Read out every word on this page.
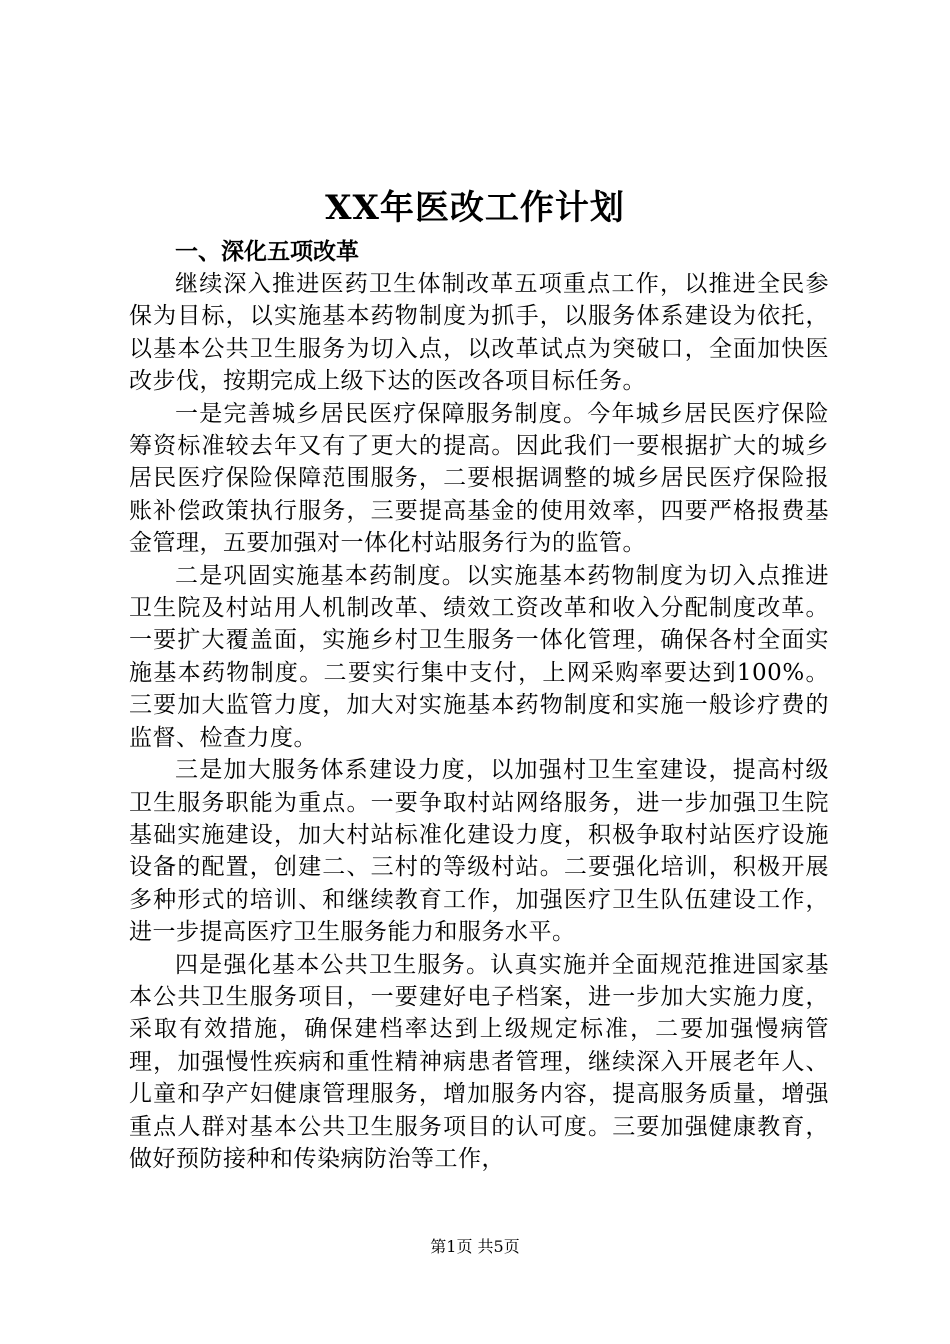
XX年医改工作计划

一、深化五项改革

继续深入推进医药卫生体制改革五项重点工作，以推进全民参保为目标，以实施基本药物制度为抓手，以服务体系建设为依托，以基本公共卫生服务为切入点，以改革试点为突破口，全面加快医改步伐，按期完成上级下达的医改各项目标任务。

一是完善城乡居民医疗保障服务制度。今年城乡居民医疗保险筹资标准较去年又有了更大的提高。因此我们一要根据扩大的城乡居民医疗保险保障范围服务，二要根据调整的城乡居民医疗保险报账补偿政策执行服务，三要提高基金的使用效率，四要严格报费基金管理，五要加强对一体化村站服务行为的监管。

二是巩固实施基本药制度。以实施基本药物制度为切入点推进卫生院及村站用人机制改革、绩效工资改革和收入分配制度改革。一要扩大覆盖面，实施乡村卫生服务一体化管理，确保各村全面实施基本药物制度。二要实行集中支付，上网采购率要达到100%。三要加大监管力度，加大对实施基本药物制度和实施一般诊疗费的监督、检查力度。

三是加大服务体系建设力度，以加强村卫生室建设，提高村级卫生服务职能为重点。一要争取村站网络服务，进一步加强卫生院基础实施建设，加大村站标准化建设力度，积极争取村站医疗设施设备的配置，创建二、三村的等级村站。二要强化培训，积极开展多种形式的培训、和继续教育工作，加强医疗卫生队伍建设工作，进一步提高医疗卫生服务能力和服务水平。

四是强化基本公共卫生服务。认真实施并全面规范推进国家基本公共卫生服务项目，一要建好电子档案，进一步加大实施力度，采取有效措施，确保建档率达到上级规定标准，二要加强慢病管理，加强慢性疾病和重性精神病患者管理，继续深入开展老年人、儿童和孕产妇健康管理服务，增加服务内容，提高服务质量，增强重点人群对基本公共卫生服务项目的认可度。三要加强健康教育，做好预防接种和传染病防治等工作，

第1页 共5页
